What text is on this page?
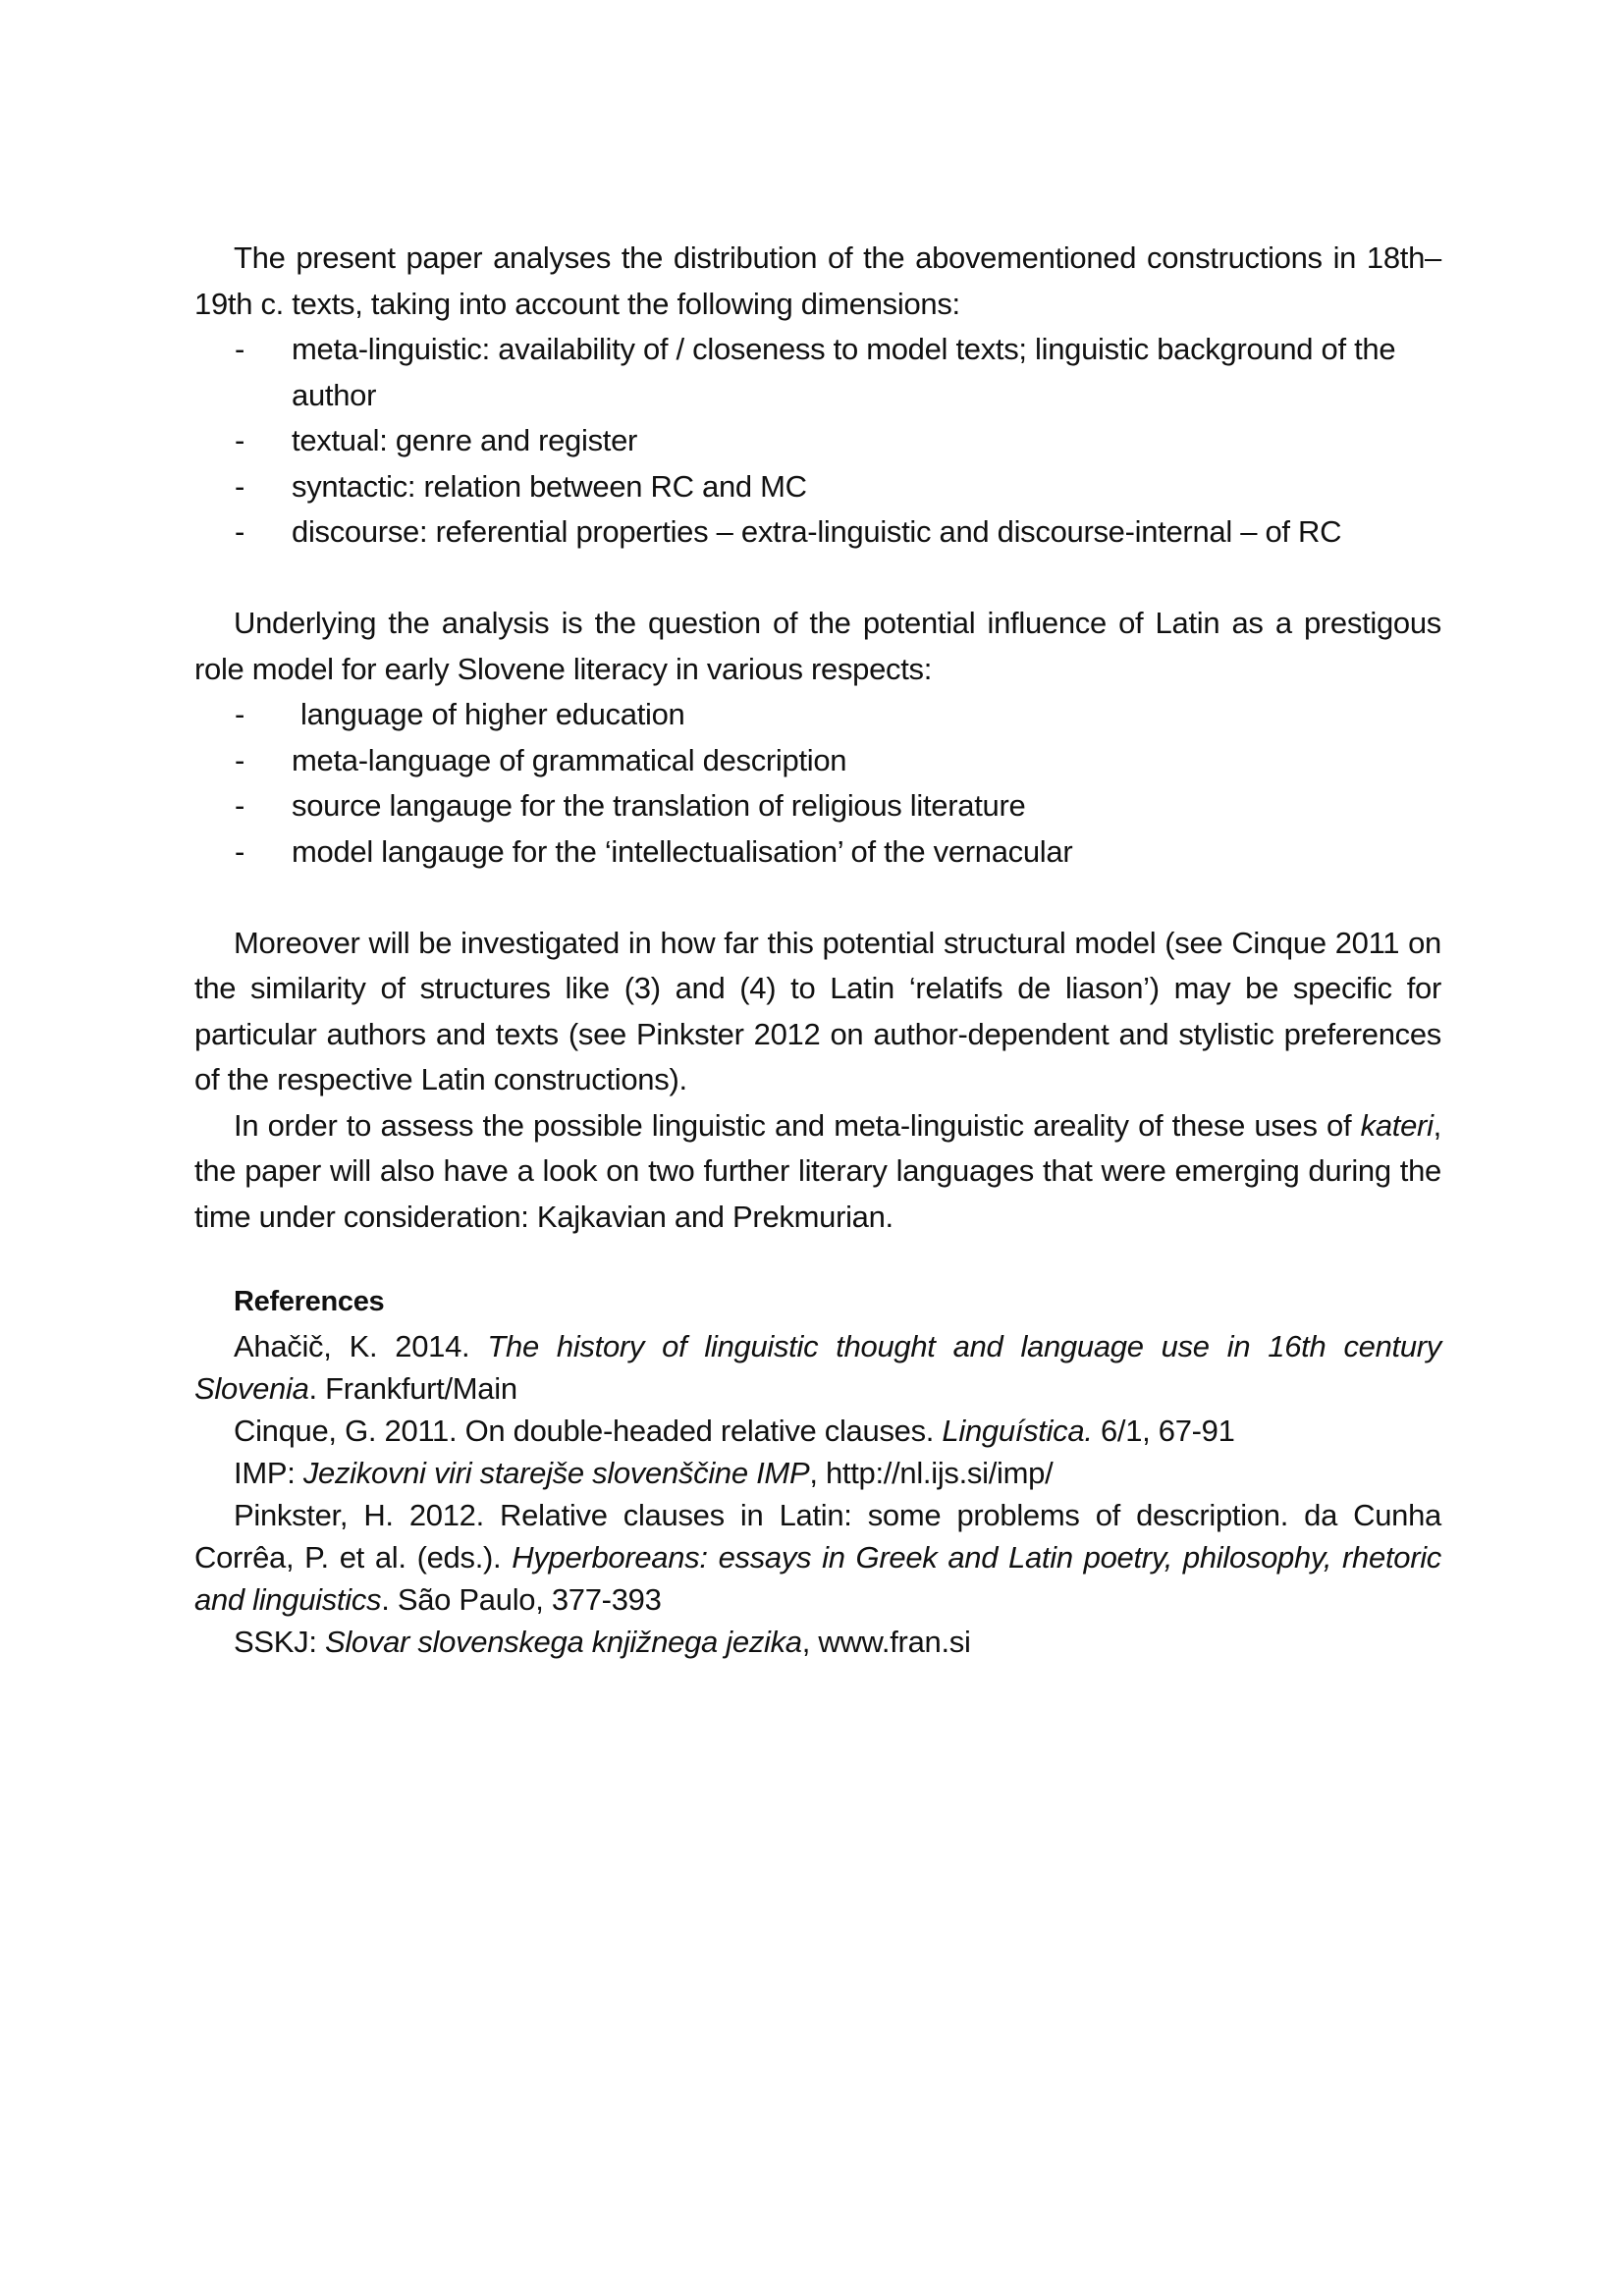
The present paper analyses the distribution of the abovementioned constructions in 18th–19th c. texts, taking into account the following dimensions:

- meta-linguistic: availability of / closeness to model texts; linguistic background of the author
- textual: genre and register
- syntactic: relation between RC and MC
- discourse: referential properties – extra-linguistic and discourse-internal – of RC

Underlying the analysis is the question of the potential influence of Latin as a prestigous role model for early Slovene literacy in various respects:

- language of higher education
- meta-language of grammatical description
- source langauge for the translation of religious literature
- model langauge for the ‘intellectualisation’ of the vernacular

Moreover will be investigated in how far this potential structural model (see Cinque 2011 on the similarity of structures like (3) and (4) to Latin ‘relatifs de liason’) may be specific for particular authors and texts (see Pinkster 2012 on author-dependent and stylistic preferences of the respective Latin constructions).

In order to assess the possible linguistic and meta-linguistic areality of these uses of kateri, the paper will also have a look on two further literary languages that were emerging during the time under consideration: Kajkavian and Prekmurian.

References
Ahačič, K. 2014. The history of linguistic thought and language use in 16th century Slovenia. Frankfurt/Main
Cinque, G. 2011. On double-headed relative clauses. Linguística. 6/1, 67-91
IMP: Jezikovni viri starejše slovenščine IMP, http://nl.ijs.si/imp/
Pinkster, H. 2012. Relative clauses in Latin: some problems of description. da Cunha Corrêa, P. et al. (eds.). Hyperboreans: essays in Greek and Latin poetry, philosophy, rhetoric and linguistics. São Paulo, 377-393
SSKJ: Slovar slovenskega knjižnega jezika, www.fran.si
